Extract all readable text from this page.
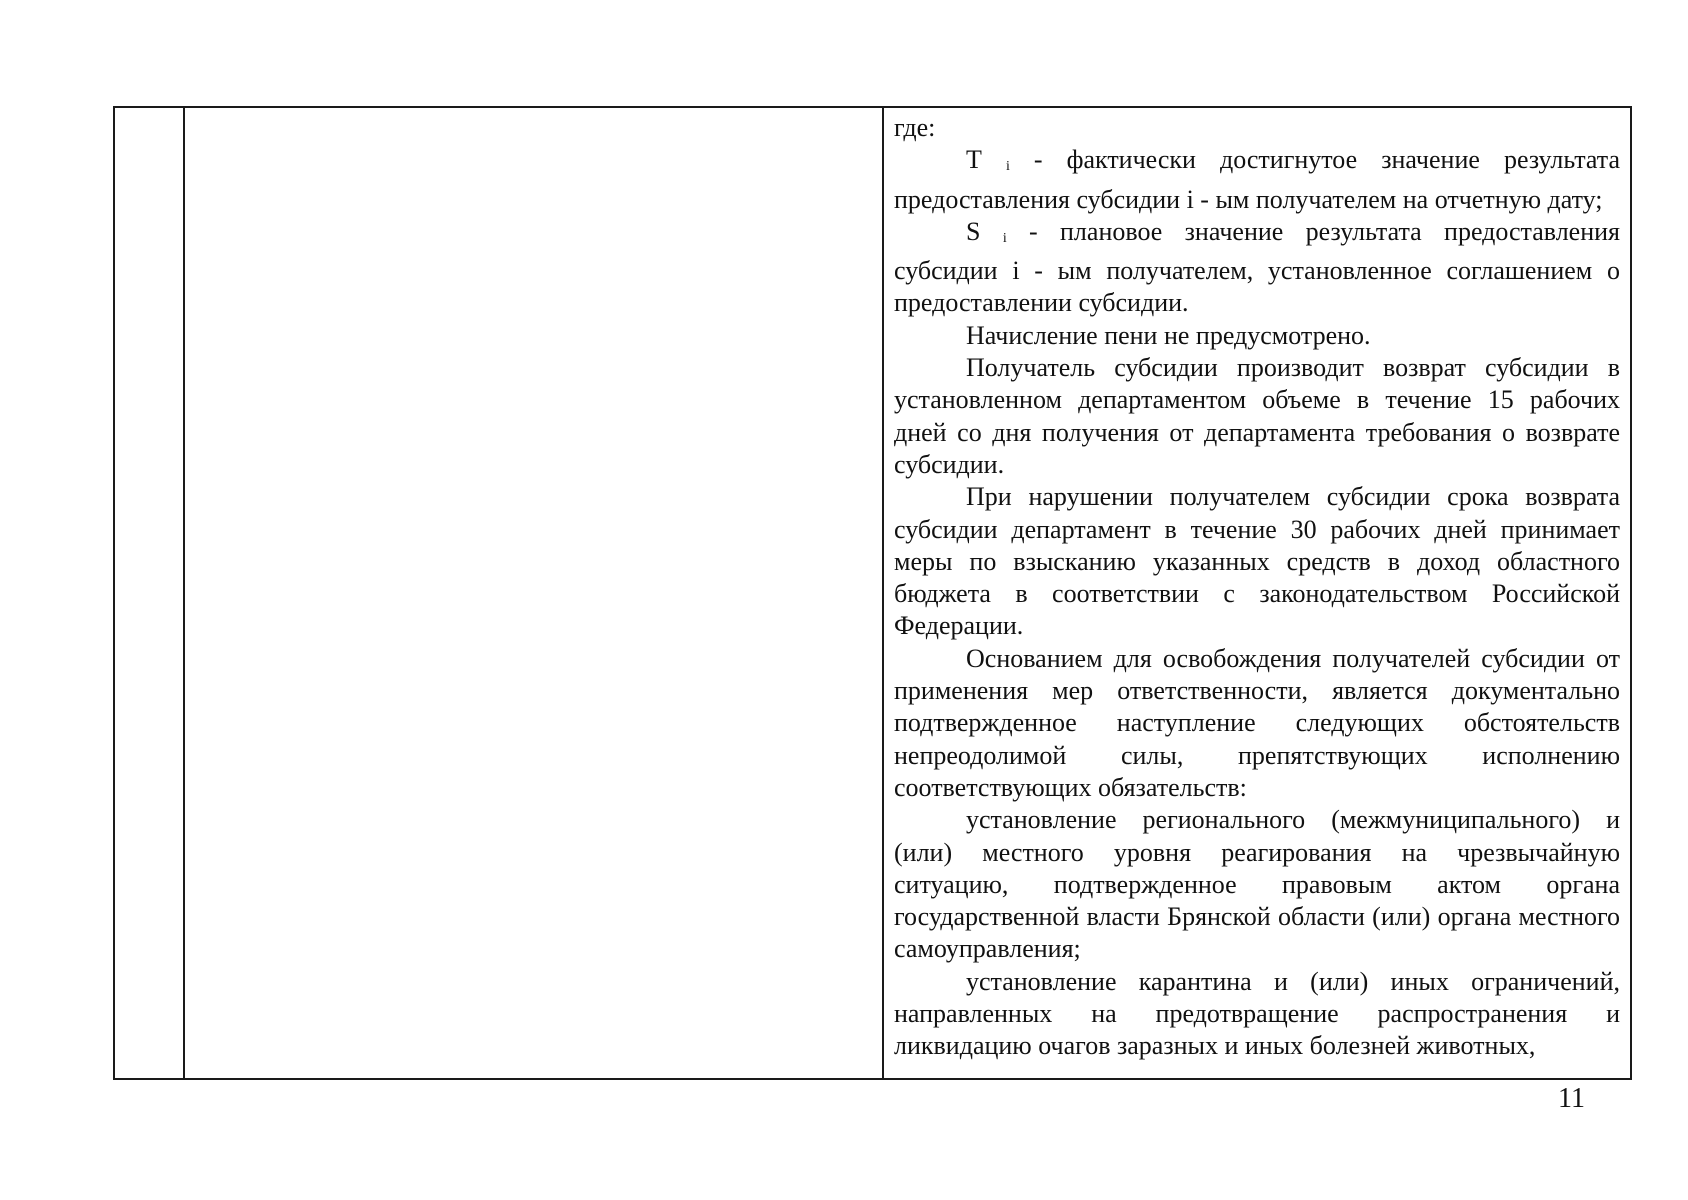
где:

Т i - фактически достигнутое значение результата предоставления субсидии i - ым получателем на отчетную дату;

S i - плановое значение результата предоставления субсидии i - ым получателем, установленное соглашением о предоставлении субсидии.

Начисление пени не предусмотрено.

Получатель субсидии производит возврат субсидии в установленном департаментом объеме в течение 15 рабочих дней со дня получения от департамента требования о возврате субсидии.

При нарушении получателем субсидии срока возврата субсидии департамент в течение 30 рабочих дней принимает меры по взысканию указанных средств в доход областного бюджета в соответствии с законодательством Российской Федерации.

Основанием для освобождения получателей субсидии от применения мер ответственности, является документально подтвержденное наступление следующих обстоятельств непреодолимой силы, препятствующих исполнению соответствующих обязательств:

установление регионального (межмуниципального) и (или) местного уровня реагирования на чрезвычайную ситуацию, подтвержденное правовым актом органа государственной власти Брянской области (или) органа местного самоуправления;

установление карантина и (или) иных ограничений, направленных на предотвращение распространения и ликвидацию очагов заразных и иных болезней животных,

11
